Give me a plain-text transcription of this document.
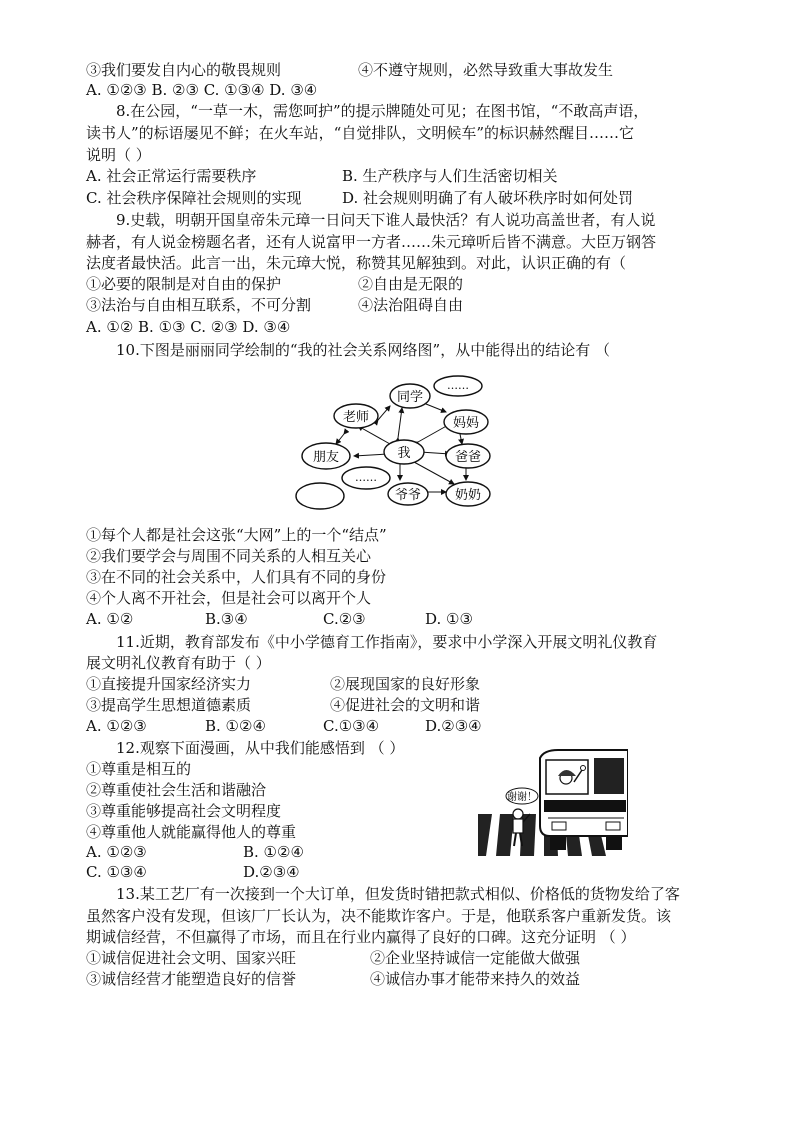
③我们要发自内心的敬畏规则	④不遵守规则，必然导致重大事故发生
A. ①②③ B. ②③ C. ①③④ D. ③④
8.在公园，“一草一木，需您呵护”的提示牌随处可见；在图书馆，“不敢高声语，
读书人”的标语屡见不鲜；在火车站，“自觉排队，文明候车”的标识赫然醒目……它
说明（ ）
A. 社会正常运行需要秩序	B. 生产秩序与人们生活密切相关
C. 社会秩序保障社会规则的实现	D. 社会规则明确了有人破坏秩序时如何处罚
9.史载，明朝开国皇帝朱元璋一日问天下谁人最快活？有人说功高盖世者，有人说
赫者，有人说金榜题名者，还有人说富甲一方者……朱元璋听后皆不满意。大臣万钢答
法度者最快活。此言一出，朱元璋大悦，称赞其见解独到。对此，认识正确的有（
①必要的限制是对自由的保护	②自由是无限的
③法治与自由相互联系，不可分割	④法治阻碍自由
A. ①② B. ①③ C. ②③ D. ③④
10.下图是丽丽同学绘制的“我的社会关系网络图”，从中能得出的结论有 （
……
同学
妈妈
老师
我
朋友	爸爸
……
爷爷	奶奶
①每个人都是社会这张“大网”上的一个“结点”
②我们要学会与周围不同关系的人相互关心
③在不同的社会关系中，人们具有不同的身份
④个人离不开社会，但是社会可以离开个人
A. ①②	B.③④	C.②③	D. ①③
11.近期，教育部发布《中小学德育工作指南》，要求中小学深入开展文明礼仪教育
展文明礼仪教育有助于（ ）
①直接提升国家经济实力	②展现国家的良好形象
③提高学生思想道德素质	④促进社会的文明和谐
A. ①②③	B. ①②④	C.①③④	D.②③④
12.观察下面漫画，从中我们能感悟到 （ ）
①尊重是相互的
②尊重使社会生活和谐融洽
③尊重能够提高社会文明程度
④尊重他人就能赢得他人的尊重
A. ①②③	B. ①②④
C. ①③④	D.②③④
谢谢！
13.某工艺厂有一次接到一个大订单，但发货时错把款式相似、价格低的货物发给了客
虽然客户没有发现，但该厂厂长认为，决不能欺诈客户。于是，他联系客户重新发货。该
期诚信经营，不但赢得了市场，而且在行业内赢得了良好的口碑。这充分证明 （ ）
①诚信促进社会文明、国家兴旺	②企业坚持诚信一定能做大做强
③诚信经营才能塑造良好的信誉	④诚信办事才能带来持久的效益
